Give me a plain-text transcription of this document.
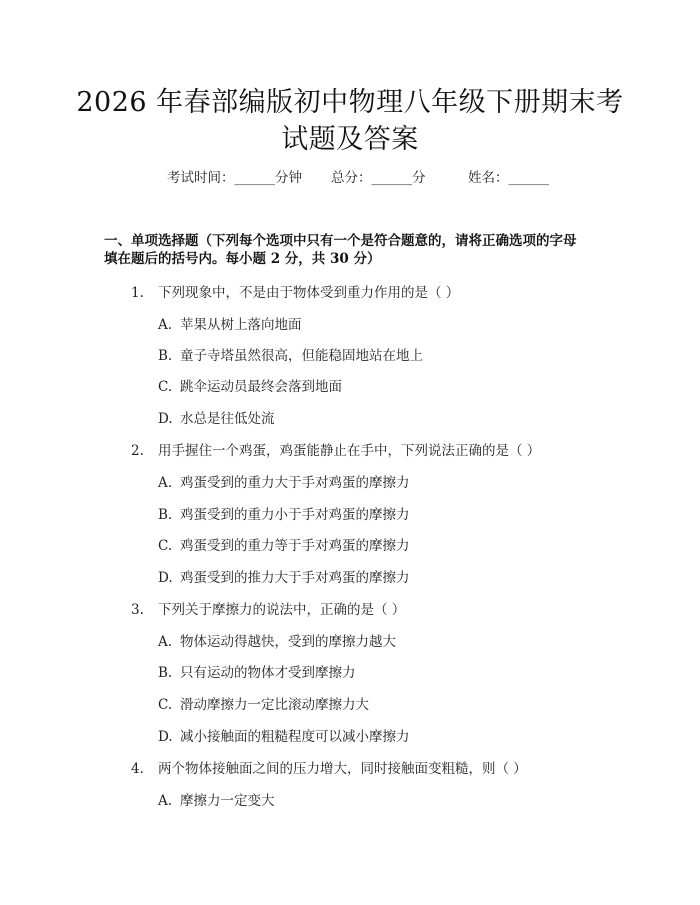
2026 年春部编版初中物理八年级下册期末考
试题及答案
考试时间：______分钟 总分：______分	姓名：______
一、单项选择题（下列每个选项中只有一个是符合题意的，请将正确选项的字母
填在题后的括号内。每小题 2 分，共 30 分）
1. 下列现象中，不是由于物体受到重力作用的是（ ）
A. 苹果从树上落向地面
B. 童子寺塔虽然很高，但能稳固地站在地上
C. 跳伞运动员最终会落到地面
D. 水总是往低处流
2. 用手握住一个鸡蛋，鸡蛋能静止在手中，下列说法正确的是（ ）
A. 鸡蛋受到的重力大于手对鸡蛋的摩擦力
B. 鸡蛋受到的重力小于手对鸡蛋的摩擦力
C. 鸡蛋受到的重力等于手对鸡蛋的摩擦力
D. 鸡蛋受到的推力大于手对鸡蛋的摩擦力
3. 下列关于摩擦力的说法中，正确的是（ ）
A. 物体运动得越快，受到的摩擦力越大
B. 只有运动的物体才受到摩擦力
C. 滑动摩擦力一定比滚动摩擦力大
D. 减小接触面的粗糙程度可以减小摩擦力
4. 两个物体接触面之间的压力增大，同时接触面变粗糙，则（ ）
A. 摩擦力一定变大
